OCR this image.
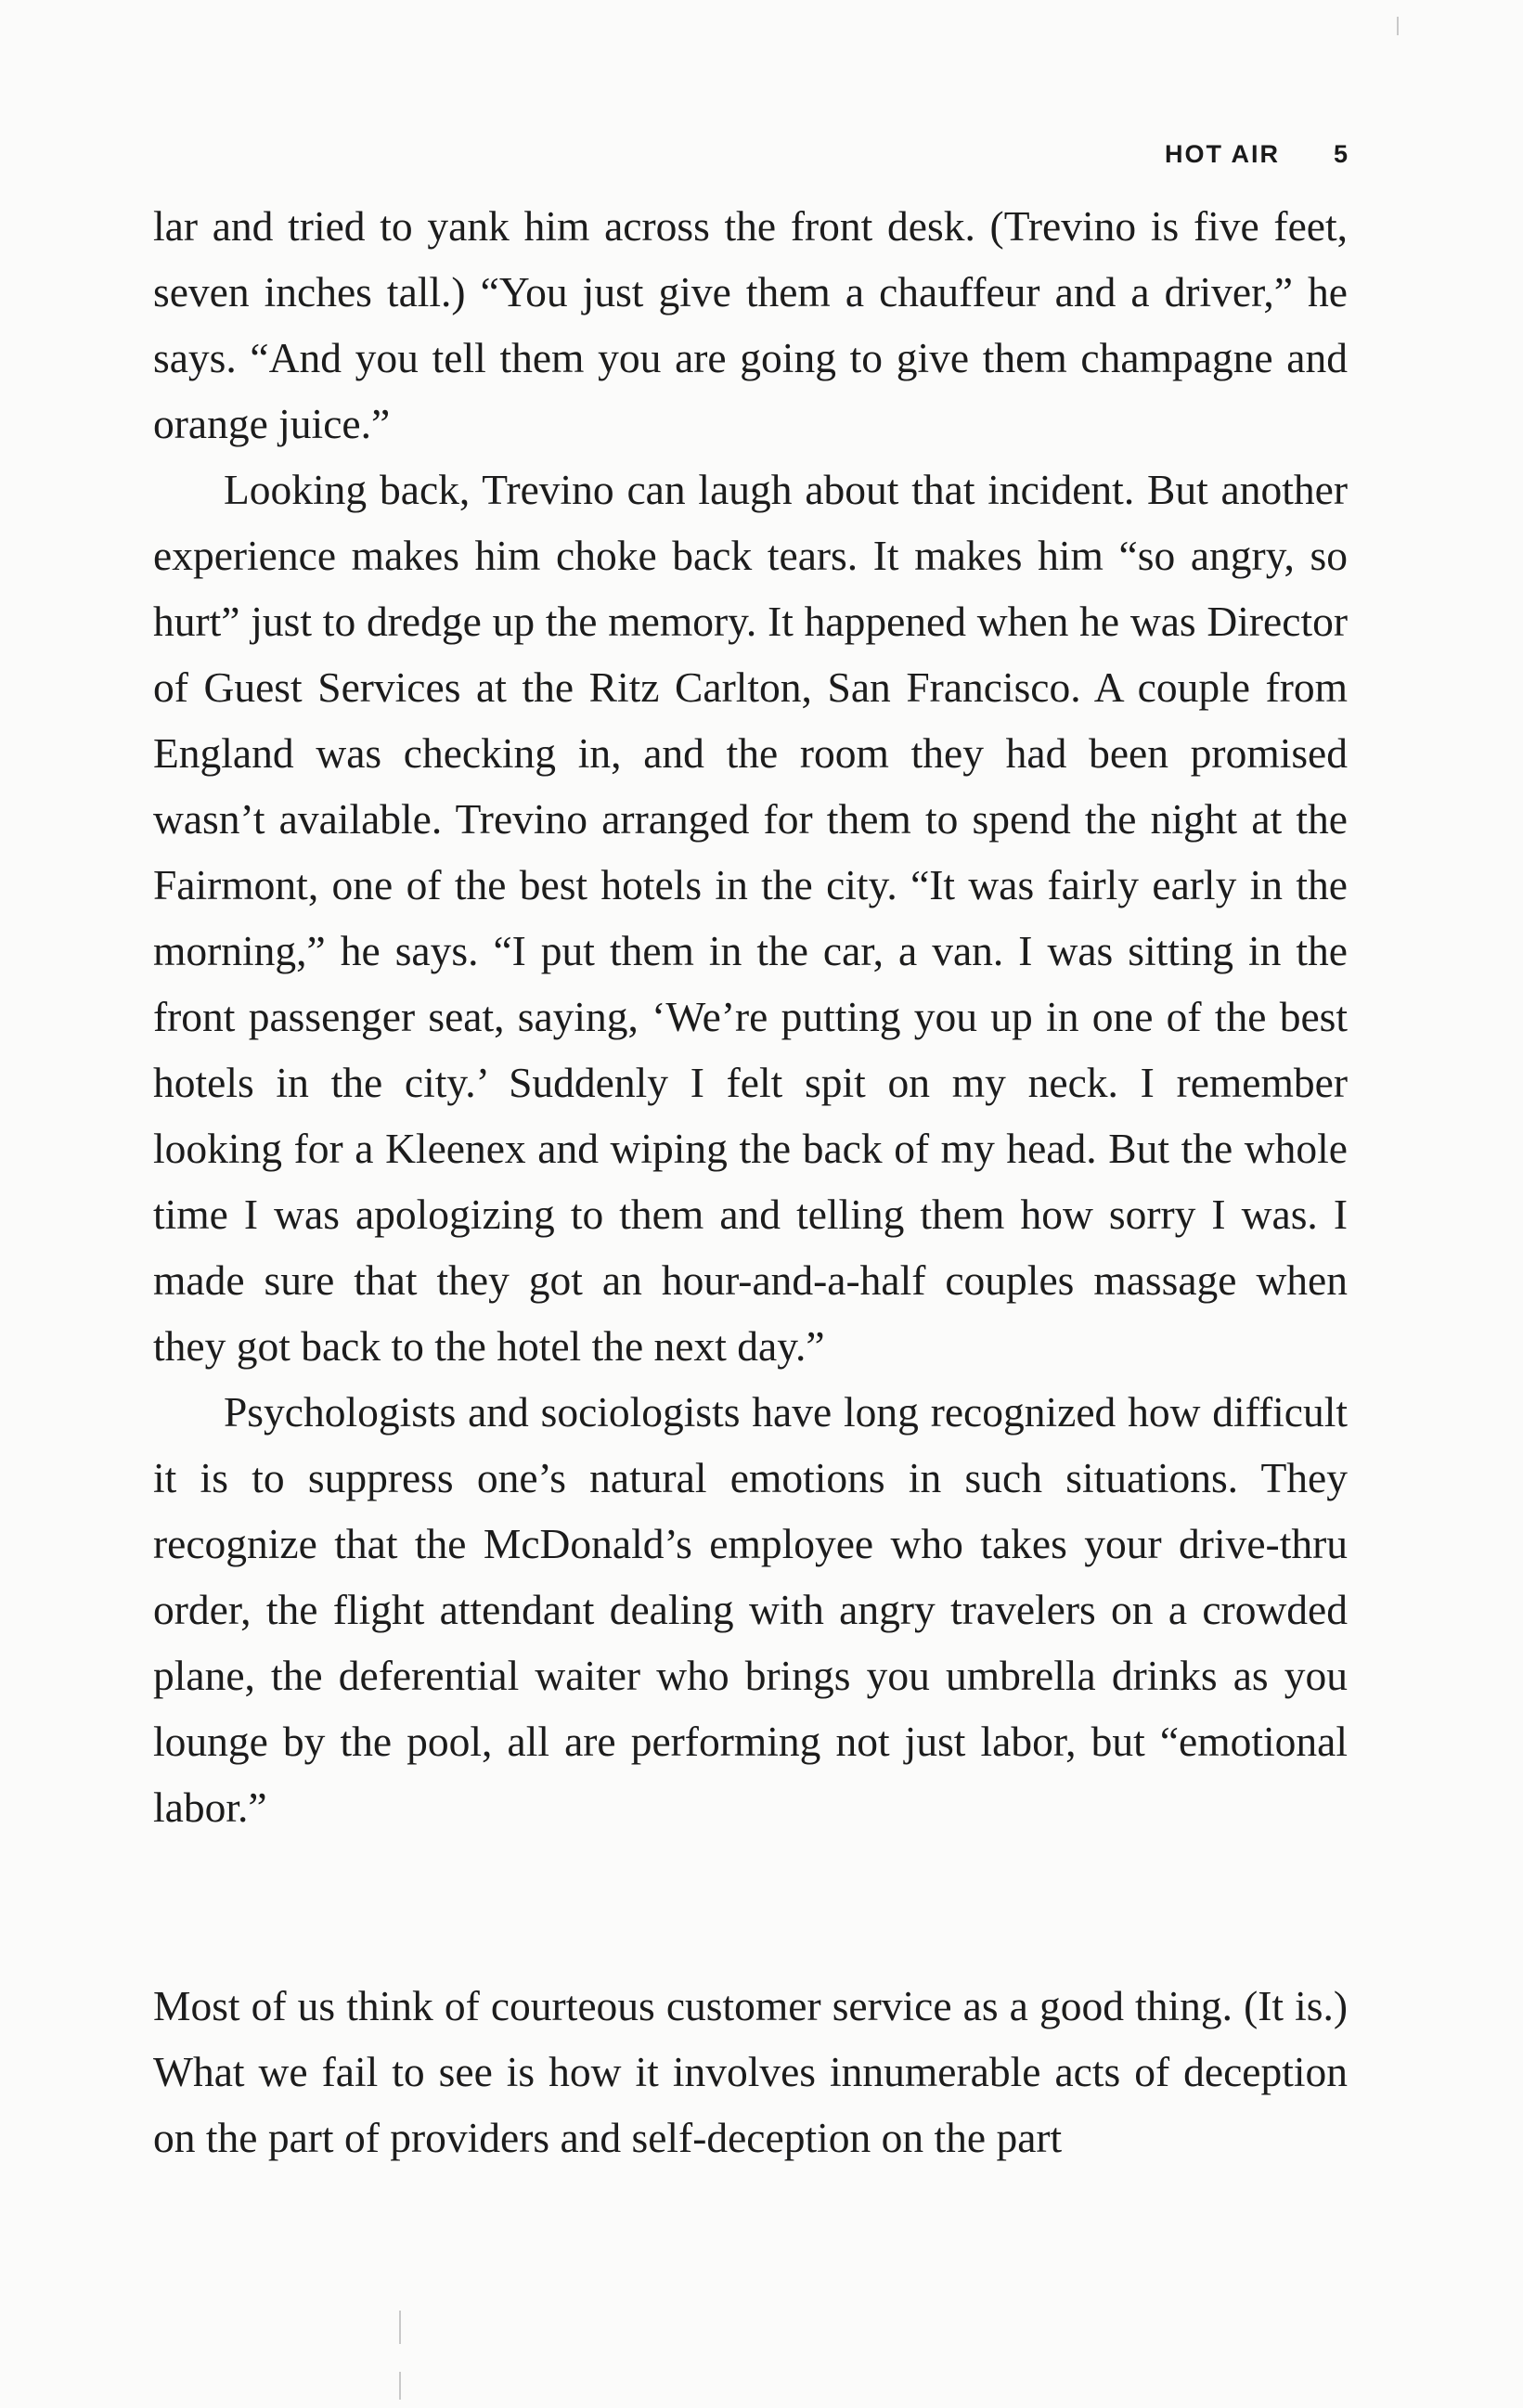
HOT AIR 5

lar and tried to yank him across the front desk. (Trevino is five feet, seven inches tall.) “You just give them a chauffeur and a driver,” he says. “And you tell them you are going to give them champagne and orange juice.”

Looking back, Trevino can laugh about that incident. But another experience makes him choke back tears. It makes him “so angry, so hurt” just to dredge up the memory. It happened when he was Director of Guest Services at the Ritz Carlton, San Francisco. A couple from England was checking in, and the room they had been promised wasn’t available. Trevino arranged for them to spend the night at the Fairmont, one of the best hotels in the city. “It was fairly early in the morning,” he says. “I put them in the car, a van. I was sitting in the front passenger seat, saying, ‘We’re putting you up in one of the best hotels in the city.’ Suddenly I felt spit on my neck. I remember looking for a Kleenex and wiping the back of my head. But the whole time I was apologizing to them and telling them how sorry I was. I made sure that they got an hour-and-a-half couples massage when they got back to the hotel the next day.”

Psychologists and sociologists have long recognized how difficult it is to suppress one’s natural emotions in such situations. They recognize that the McDonald’s employee who takes your drive-thru order, the flight attendant dealing with angry travelers on a crowded plane, the deferential waiter who brings you umbrella drinks as you lounge by the pool, all are performing not just labor, but “emotional labor.”

Most of us think of courteous customer service as a good thing. (It is.) What we fail to see is how it involves innumerable acts of deception on the part of providers and self-deception on the part
